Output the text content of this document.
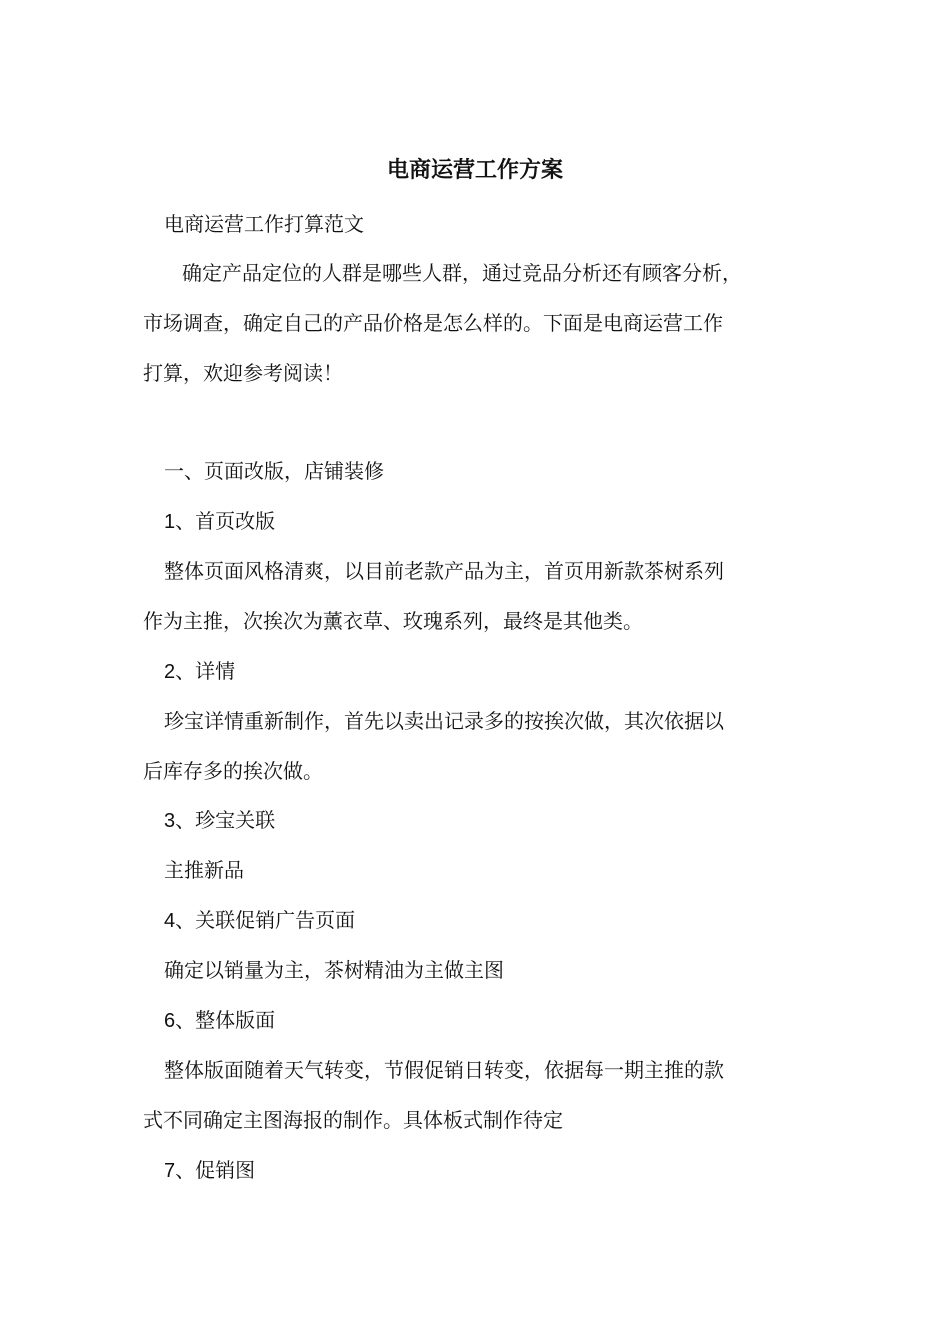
电商运营工作方案
电商运营工作打算范文
确定产品定位的人群是哪些人群，通过竞品分析还有顾客分析，
市场调查，确定自己的产品价格是怎么样的。下面是电商运营工作
打算，欢迎参考阅读！
一、页面改版，店铺装修
1、首页改版
整体页面风格清爽，以目前老款产品为主，首页用新款茶树系列
作为主推，次挨次为薰衣草、玫瑰系列，最终是其他类。
2、详情
珍宝详情重新制作，首先以卖出记录多的按挨次做，其次依据以
后库存多的挨次做。
3、珍宝关联
主推新品
4、关联促销广告页面
确定以销量为主，茶树精油为主做主图
6、整体版面
整体版面随着天气转变，节假促销日转变，依据每一期主推的款
式不同确定主图海报的制作。具体板式制作待定
7、促销图
